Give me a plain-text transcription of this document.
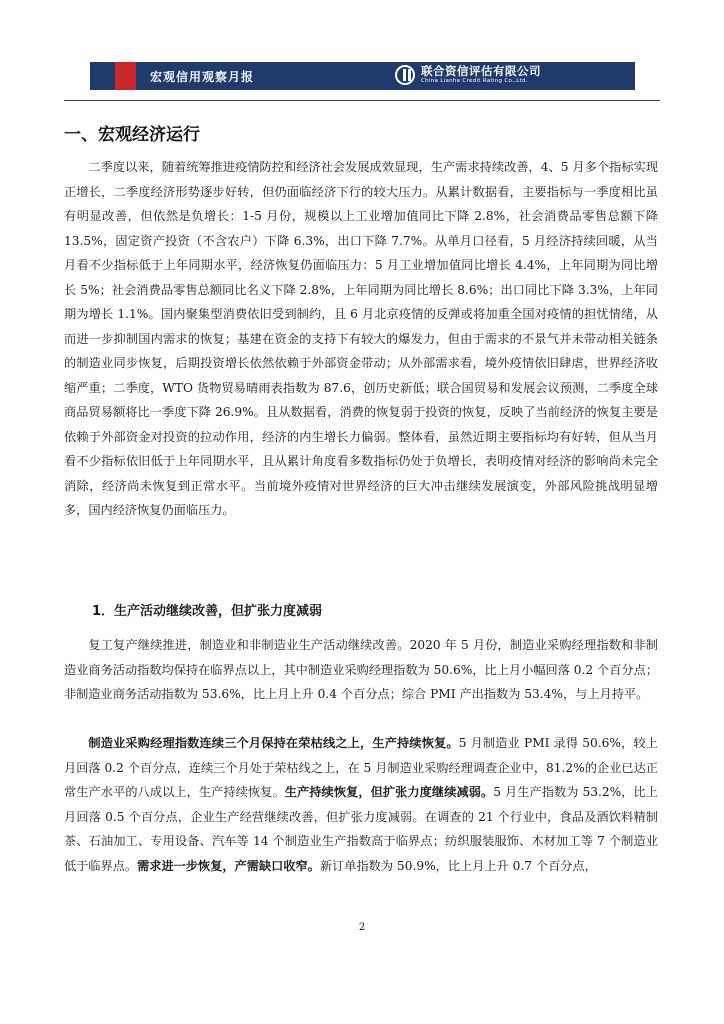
宏观信用观察月报	联合资信评估有限公司
China Lianhe Credit Rating Co.,Ltd.
一、宏观经济运行

二季度以来，随着统筹推进疫情防控和经济社会发展成效显现，生产需求持续改善，4、5 月多个指标实现正增长，二季度经济形势逐步好转，但仍面临经济下行的较大压力。从累计数据看，主要指标与一季度相比虽有明显改善，但依然是负增长：1-5 月份，规模以上工业增加值同比下降 2.8%，社会消费品零售总额下降 13.5%，固定资产投资（不含农户）下降 6.3%，出口下降 7.7%。从单月口径看，5 月经济持续回暖，从当月看不少指标低于上年同期水平，经济恢复仍面临压力：5 月工业增加值同比增长 4.4%，上年同期为同比增长 5%；社会消费品零售总额同比名义下降 2.8%，上年同期为同比增长 8.6%；出口同比下降 3.3%，上年同期为增长 1.1%。国内聚集型消费依旧受到制约，且 6 月北京疫情的反弹或将加重全国对疫情的担忧情绪，从而进一步抑制国内需求的恢复；基建在资金的支持下有较大的爆发力，但由于需求的不景气并未带动相关链条的制造业同步恢复，后期投资增长依然依赖于外部资金带动；从外部需求看，境外疫情依旧肆虐，世界经济收缩严重；二季度，WTO 货物贸易晴雨表指数为 87.6，创历史新低；联合国贸易和发展会议预测，二季度全球商品贸易额将比一季度下降 26.9%。且从数据看，消费的恢复弱于投资的恢复，反映了当前经济的恢复主要是依赖于外部资金对投资的拉动作用，经济的内生增长力偏弱。整体看，虽然近期主要指标均有好转，但从当月看不少指标依旧低于上年同期水平，且从累计角度看多数指标仍处于负增长，表明疫情对经济的影响尚未完全消除，经济尚未恢复到正常水平。当前境外疫情对世界经济的巨大冲击继续发展演变，外部风险挑战明显增多，国内经济恢复仍面临压力。

1．生产活动继续改善，但扩张力度减弱

复工复产继续推进，制造业和非制造业生产活动继续改善。2020 年 5 月份，制造业采购经理指数和非制造业商务活动指数均保持在临界点以上，其中制造业采购经理指数为 50.6%，比上月小幅回落 0.2 个百分点；非制造业商务活动指数为 53.6%，比上月上升 0.4 个百分点；综合 PMI 产出指数为 53.4%，与上月持平。

制造业采购经理指数连续三个月保持在荣枯线之上，生产持续恢复。5 月制造业 PMI 录得 50.6%，较上月回落 0.2 个百分点，连续三个月处于荣枯线之上，在 5 月制造业采购经理调查企业中，81.2%的企业已达正常生产水平的八成以上，生产持续恢复。生产持续恢复，但扩张力度继续减弱。5 月生产指数为 53.2%，比上月回落 0.5 个百分点，企业生产经营继续改善，但扩张力度减弱。在调查的 21 个行业中，食品及酒饮料精制茶、石油加工、专用设备、汽车等 14 个制造业生产指数高于临界点；纺织服装服饰、木材加工等 7 个制造业低于临界点。需求进一步恢复，产需缺口收窄。新订单指数为 50.9%，比上月上升 0.7 个百分点，

2
